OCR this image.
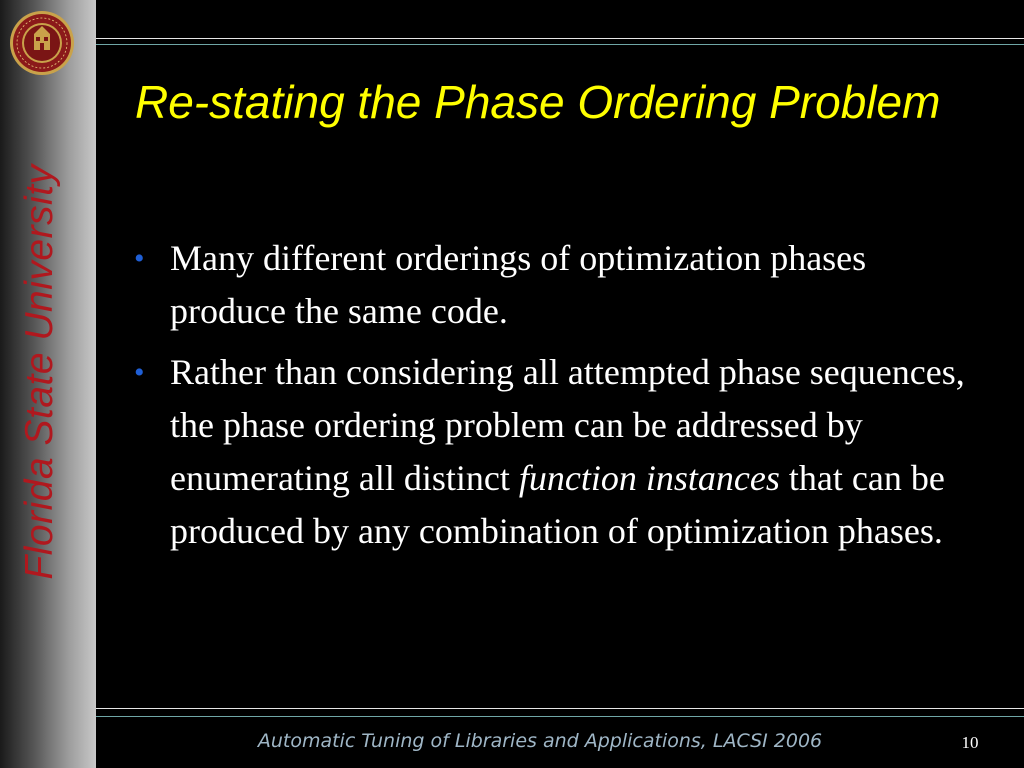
Florida State University
Re-stating the Phase Ordering Problem
• Many different orderings of optimization phases produce the same code.
• Rather than considering all attempted phase sequences, the phase ordering problem can be addressed by enumerating all distinct function instances that can be produced by any combination of optimization phases.
Automatic Tuning of Libraries and Applications, LACSI 2006	10
